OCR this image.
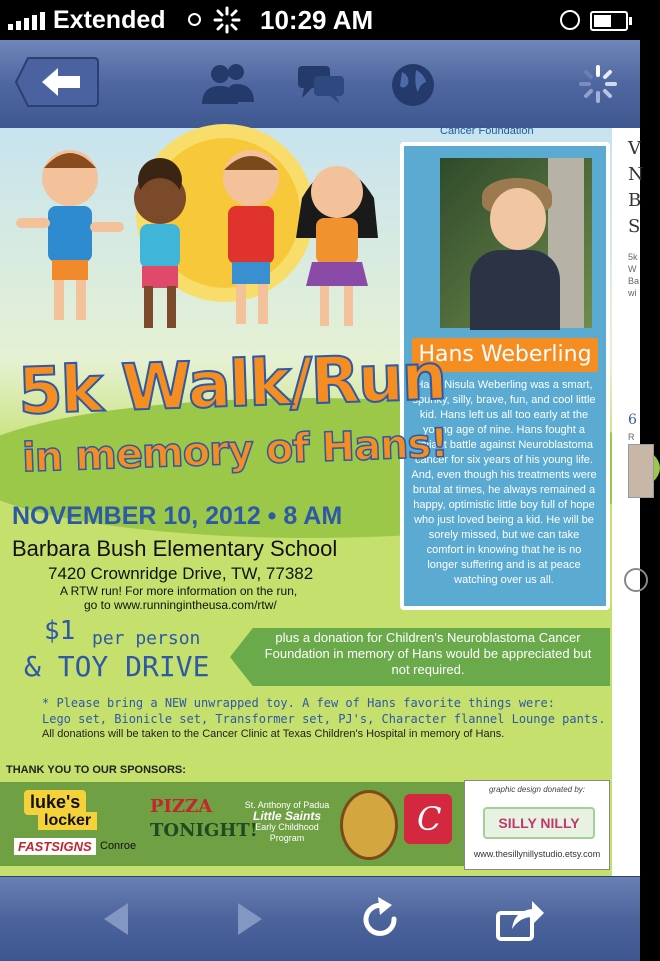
Extended	10:29 AM
Cancer Foundation
Hans Weberling
Hans Nisula Weberling was a smart, spunky, silly, brave, fun, and cool little kid. Hans left us all too early at the young age of nine. Hans fought a valiant battle against Neuroblastoma cancer for six years of his young life. And, even though his treatments were brutal at times, he always remained a happy, optimistic little boy full of hope who just loved being a kid. He will be sorely missed, but we can take comfort in knowing that he is no longer suffering and is at peace watching over us all.
5k Walk/Run
in memory of Hans!
NOVEMBER 10, 2012 • 8 AM
Barbara Bush Elementary School
7420 Crownridge Drive, TW, 77382
A RTW run! For more information on the run,
go to www.runningintheusa.com/rtw/
$1 per person
& TOY DRIVE
plus a donation for Children's Neuroblastoma Cancer Foundation in memory of Hans would be appreciated but not required.
* Please bring a NEW unwrapped toy. A few of Hans favorite things were:
Lego set, Bionicle set, Transformer set, PJ's, Character flannel Lounge pants.
All donations will be taken to the Cancer Clinic at Texas Children's Hospital in memory of Hans.
THANK YOU TO OUR SPONSORS:
luke's
locker
FASTSIGNS Conroe
PIZZA
TONIGHT!
St. Anthony of Padua
Little Saints
Early Childhood Program	C
graphic design donated by:
SILLY NILLY
www.thesillynillystudio.etsy.com
V
N
B
S
5k
W
Ba
wi
6
R
